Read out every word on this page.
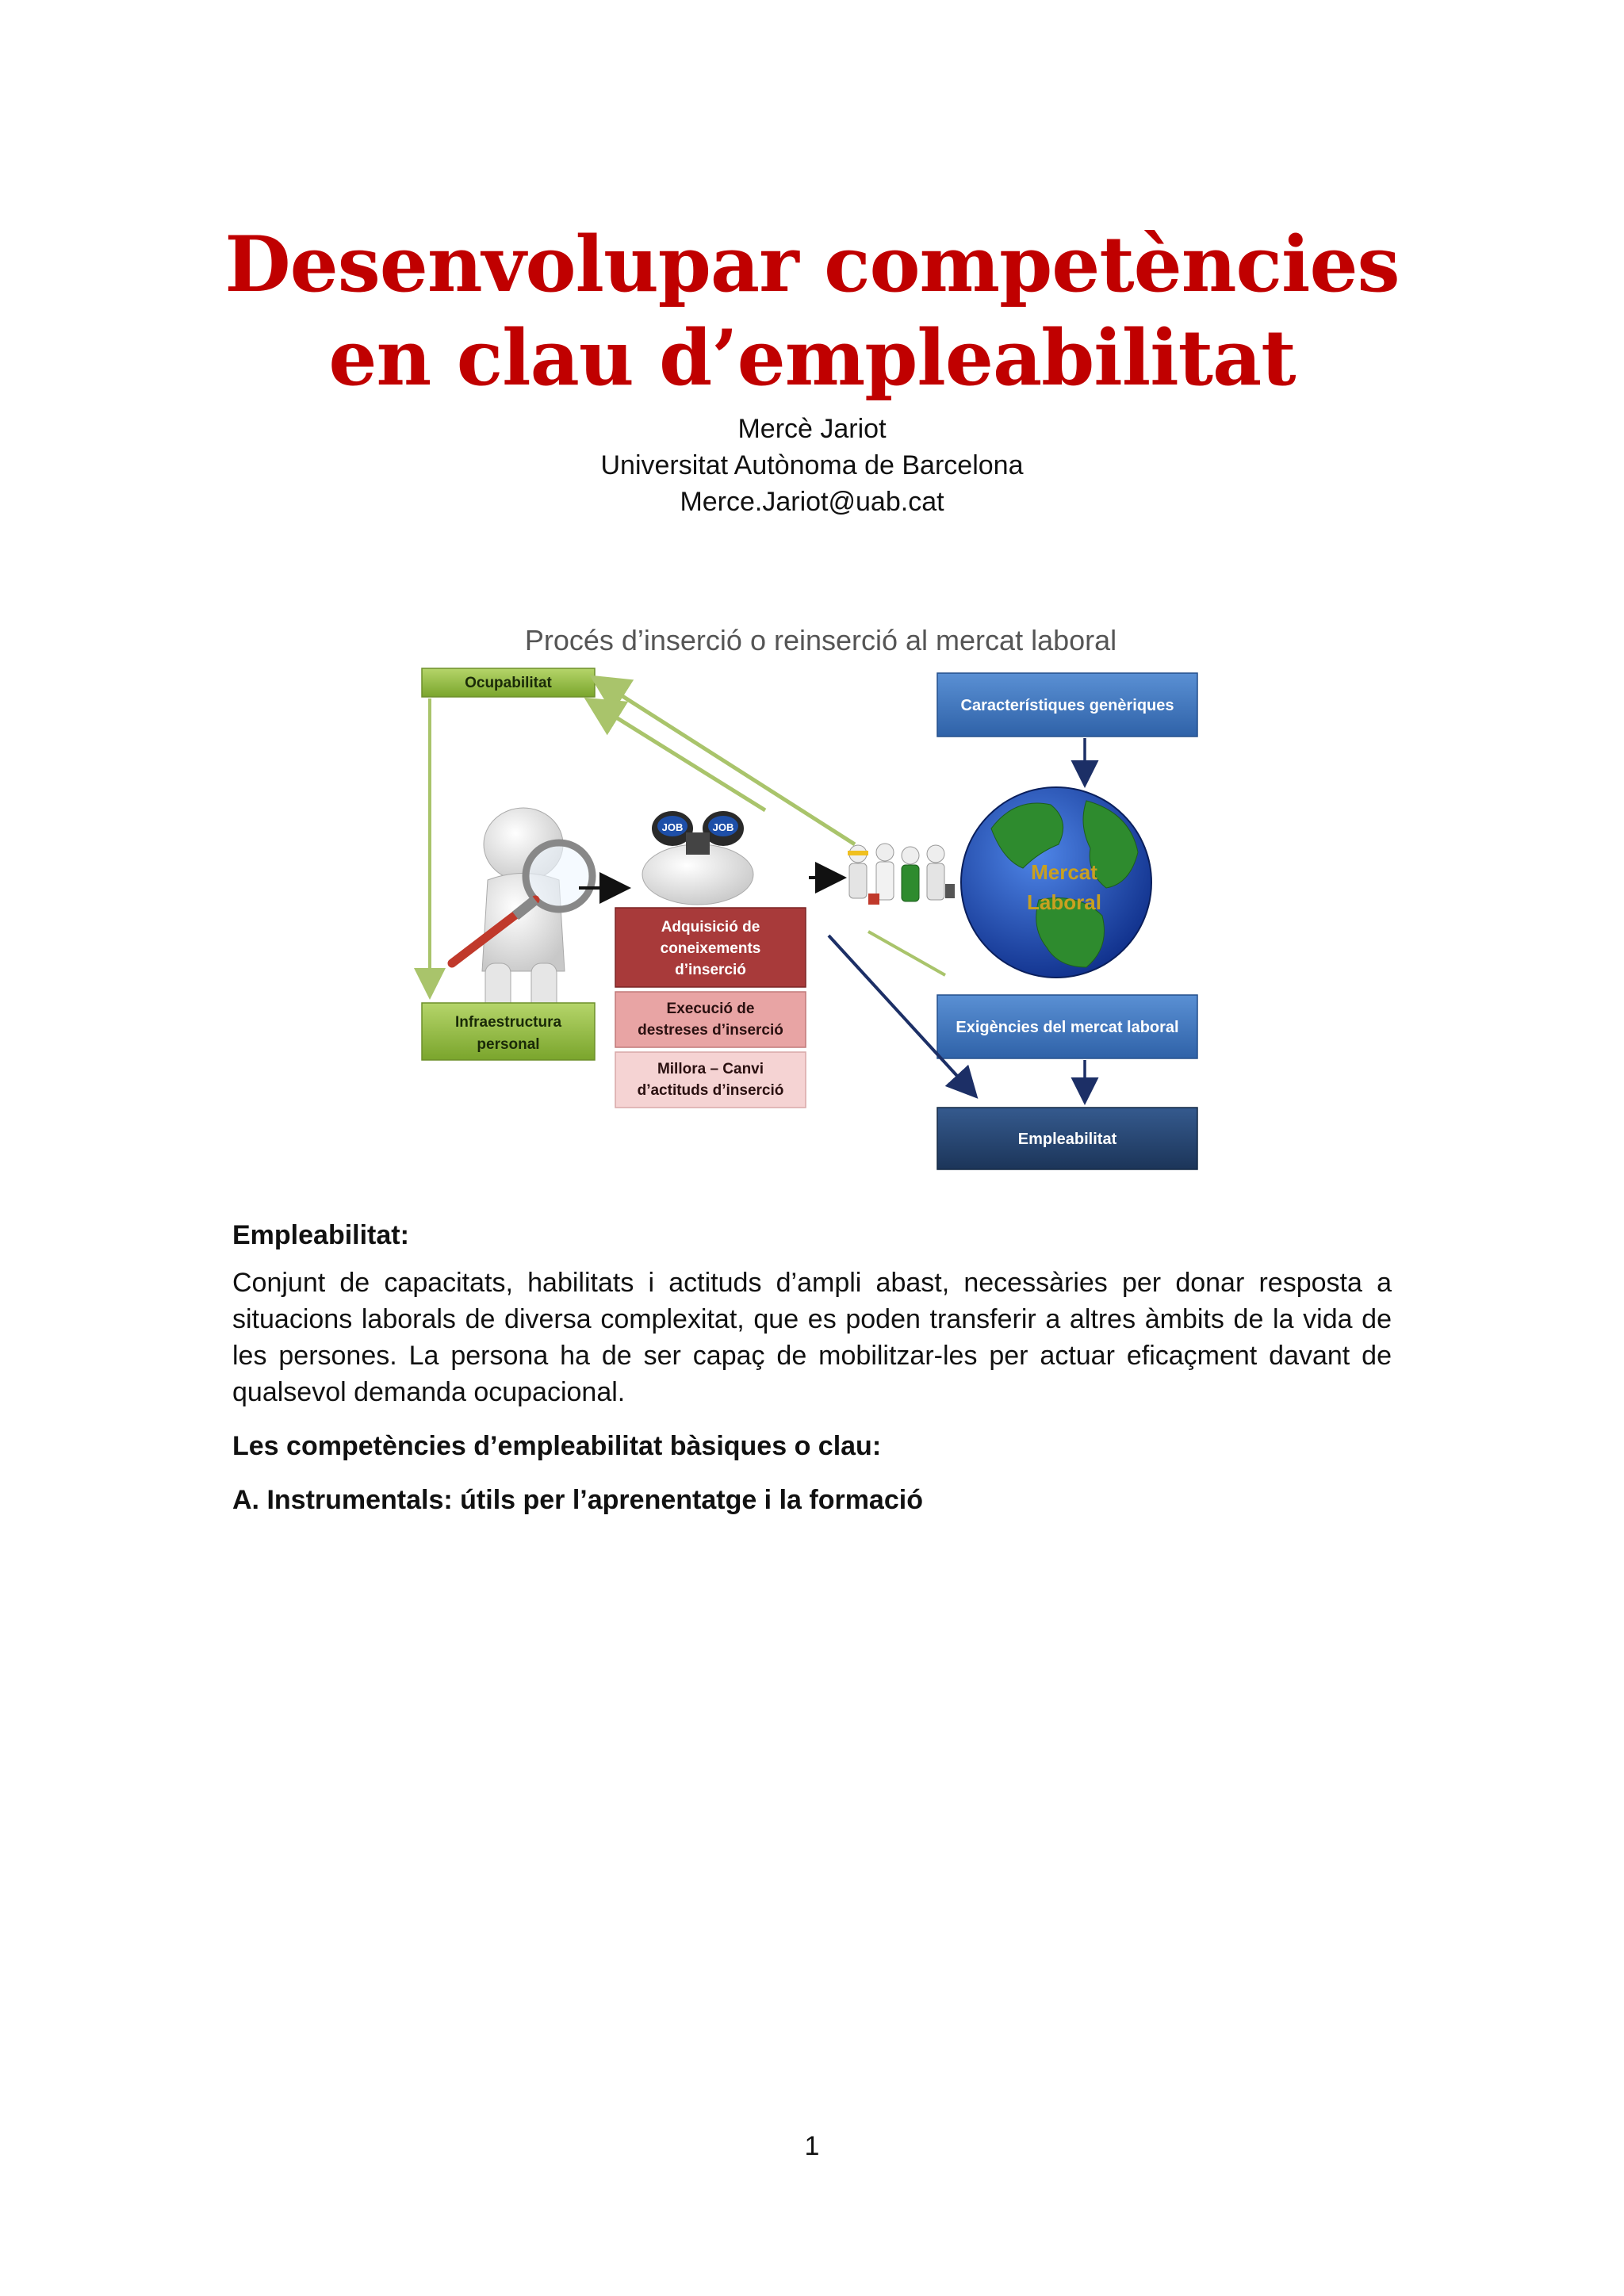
Desenvolupar competències
en clau d’empleabilitat
Mercè Jariot
Universitat Autònoma de Barcelona
Merce.Jariot@uab.cat
Procés d’inserció o reinserció al mercat laboral
Ocupabilitat
JOB	JOB
Adquisició de
coneixements
d’inserció
Execució de
destreses d’inserció
Millora – Canvi
d’actituds d’inserció
Infraestructura
personal
Mercat
Laboral
Característiques genèriques
Exigències del mercat laboral
Empleabilitat
Empleabilitat:

Conjunt de capacitats, habilitats i actituds d’ampli abast, necessàries per donar resposta a situacions laborals de diversa complexitat, que es poden transferir a altres àmbits de la vida de les persones. La persona ha de ser capaç de mobilitzar-les per actuar eficaçment davant de qualsevol demanda ocupacional.

Les competències d’empleabilitat bàsiques o clau:
A. Instrumentals: útils per l’aprenentatge i la formació
1
